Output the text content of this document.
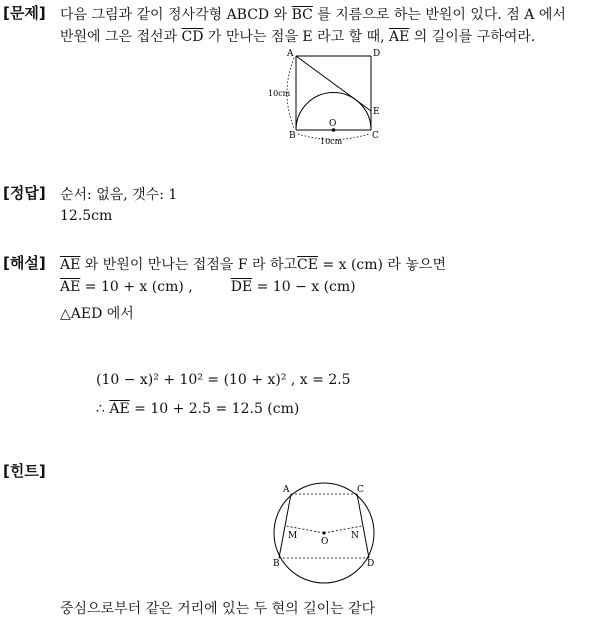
[문제] 다음 그림과 같이 정사각형 ABCD 와 $\overline{BC}$ 를 지름으로 하는 반원이 있다. 점 A 에서
반원에 그은 접선과 $\overline{CD}$ 가 만나는 점을 E 라고 할 때, $\overline{AE}$ 의 길이를 구하여라.
A	D
E
B	C
O
10cm
10cm
[정답] 순서: 없음, 갯수: 1
12.5cm
[해설] $\overline{AE}$ 와 반원이 만나는 접점을 F 라 하고$\overline{CE} = x$ (cm) 라 놓으면
$\overline{AE} = 10 + x$ (cm) ,	$\overline{DE} = 10 - x$ (cm)
△AED 에서
(10 − x)² + 10² = (10 + x)² , x = 2.5
∴ $\overline{AE} = 10 + 2.5 = 12.5$ (cm)
[힌트]
A	C
M	N
O
B	D
중심으로부터 같은 거리에 있는 두 현의 길이는 같다
